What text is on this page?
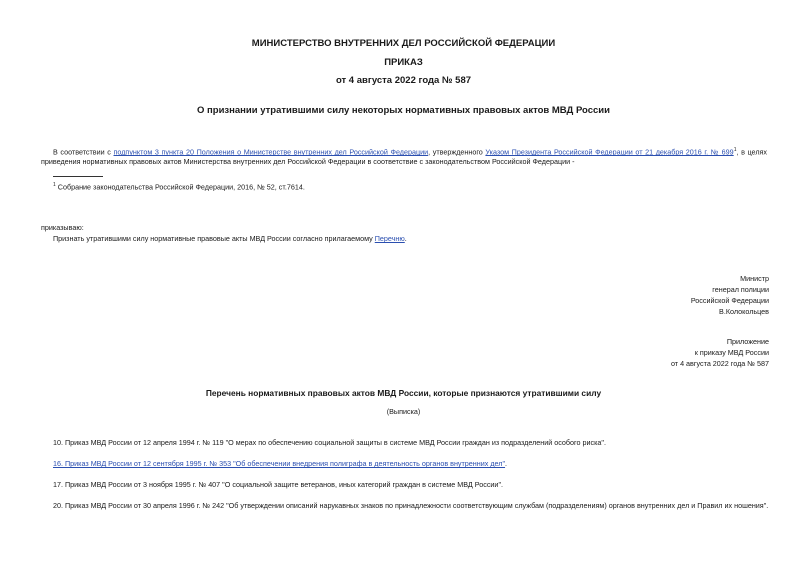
МИНИСТЕРСТВО ВНУТРЕННИХ ДЕЛ РОССИЙСКОЙ ФЕДЕРАЦИИ
ПРИКАЗ
от 4 августа 2022 года № 587
О признании утратившими силу некоторых нормативных правовых актов МВД России
В соответствии с подпунктом 3 пункта 20 Положения о Министерстве внутренних дел Российской Федерации, утвержденного Указом Президента Российской Федерации от 21 декабря 2016 г. № $699^1$, в целях приведения нормативных правовых актов Министерства внутренних дел Российской Федерации в соответствие с законодательством Российской Федерации -
$^1$ Собрание законодательства Российской Федерации, 2016, № 52, ст.7614.
приказываю:
Признать утратившими силу нормативные правовые акты МВД России согласно прилагаемому Перечню.
Министр
генерал полиции
Российской Федерации
В.Колокольцев
Приложение
к приказу МВД России
от 4 августа 2022 года № 587
Перечень нормативных правовых актов МВД России, которые признаются утратившими силу
(Выписка)
10. Приказ МВД России от 12 апреля 1994 г. № 119 "О мерах по обеспечению социальной защиты в системе МВД России граждан из подразделений особого риска".
16. Приказ МВД России от 12 сентября 1995 г. № 353 "Об обеспечении внедрения полиграфа в деятельность органов внутренних дел".
17. Приказ МВД России от 3 ноября 1995 г. № 407 "О социальной защите ветеранов, иных категорий граждан в системе МВД России".
20. Приказ МВД России от 30 апреля 1996 г. № 242 "Об утверждении описаний нарукавных знаков по принадлежности соответствующим службам (подразделениям) органов внутренних дел и Правил их ношения".
